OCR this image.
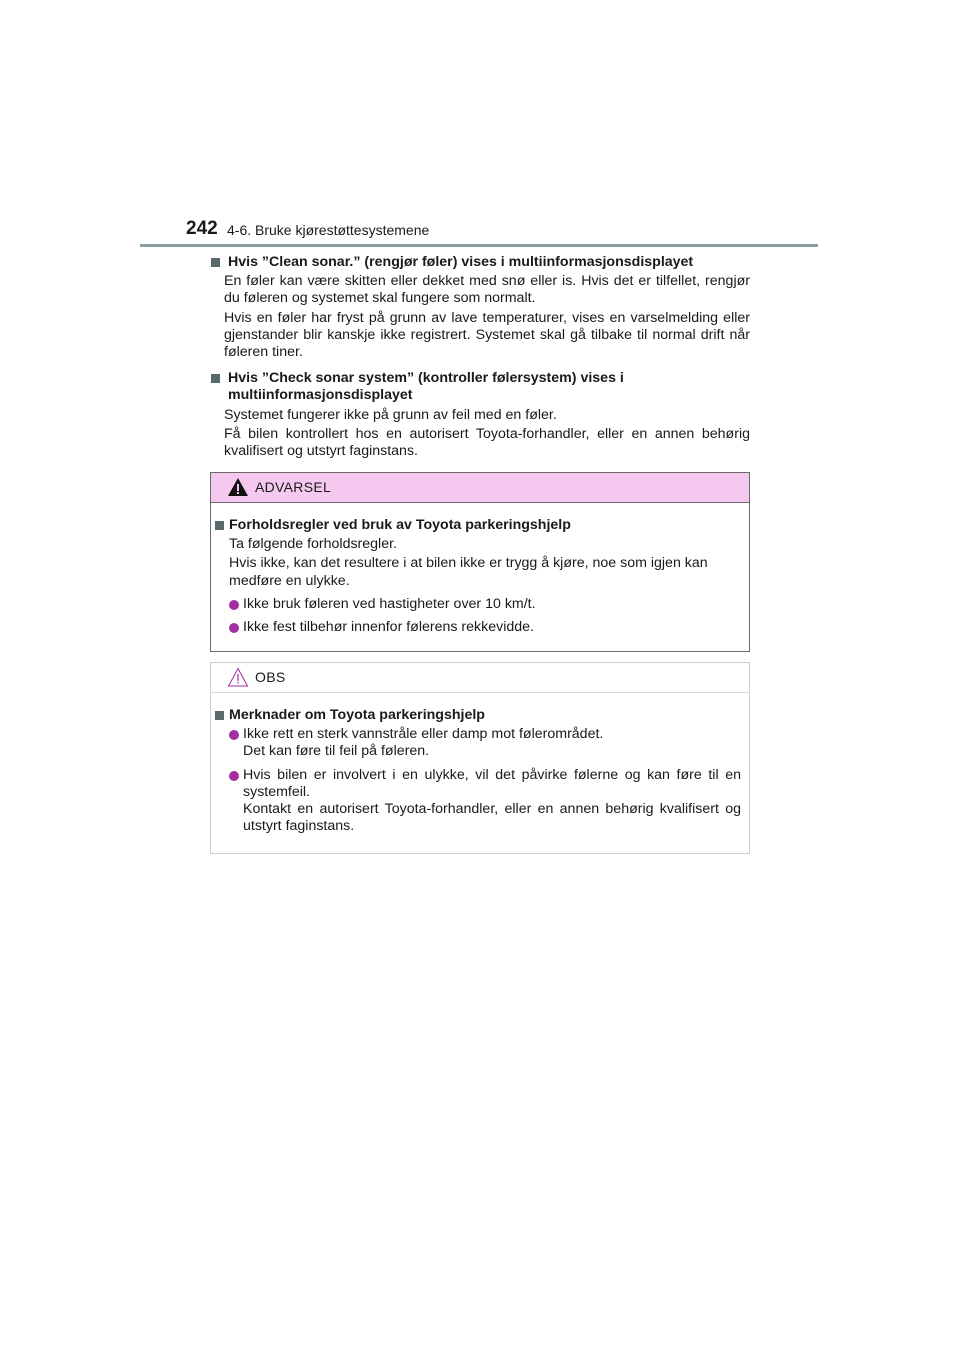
242 4-6. Bruke kjørestøttesystemene
Hvis ”Clean sonar.” (rengjør føler) vises i multiinformasjonsdisplayet
En føler kan være skitten eller dekket med snø eller is. Hvis det er tilfellet, rengjør du føleren og systemet skal fungere som normalt.
Hvis en føler har fryst på grunn av lave temperaturer, vises en varselmelding eller gjenstander blir kanskje ikke registrert. Systemet skal gå tilbake til normal drift når føleren tiner.
Hvis ”Check sonar system” (kontroller følersystem) vises i multiinformasjonsdisplayet
Systemet fungerer ikke på grunn av feil med en føler.
Få bilen kontrollert hos en autorisert Toyota-forhandler, eller en annen behørig kvalifisert og utstyrt faginstans.
ADVARSEL
Forholdsregler ved bruk av Toyota parkeringshjelp
Ta følgende forholdsregler.
Hvis ikke, kan det resultere i at bilen ikke er trygg å kjøre, noe som igjen kan medføre en ulykke.
Ikke bruk føleren ved hastigheter over 10 km/t.
Ikke fest tilbehør innenfor følerens rekkevidde.
OBS
Merknader om Toyota parkeringshjelp
Ikke rett en sterk vannstråle eller damp mot følerområdet.
Det kan føre til feil på føleren.
Hvis bilen er involvert i en ulykke, vil det påvirke følerne og kan føre til en systemfeil.
Kontakt en autorisert Toyota-forhandler, eller en annen behørig kvalifisert og utstyrt faginstans.
